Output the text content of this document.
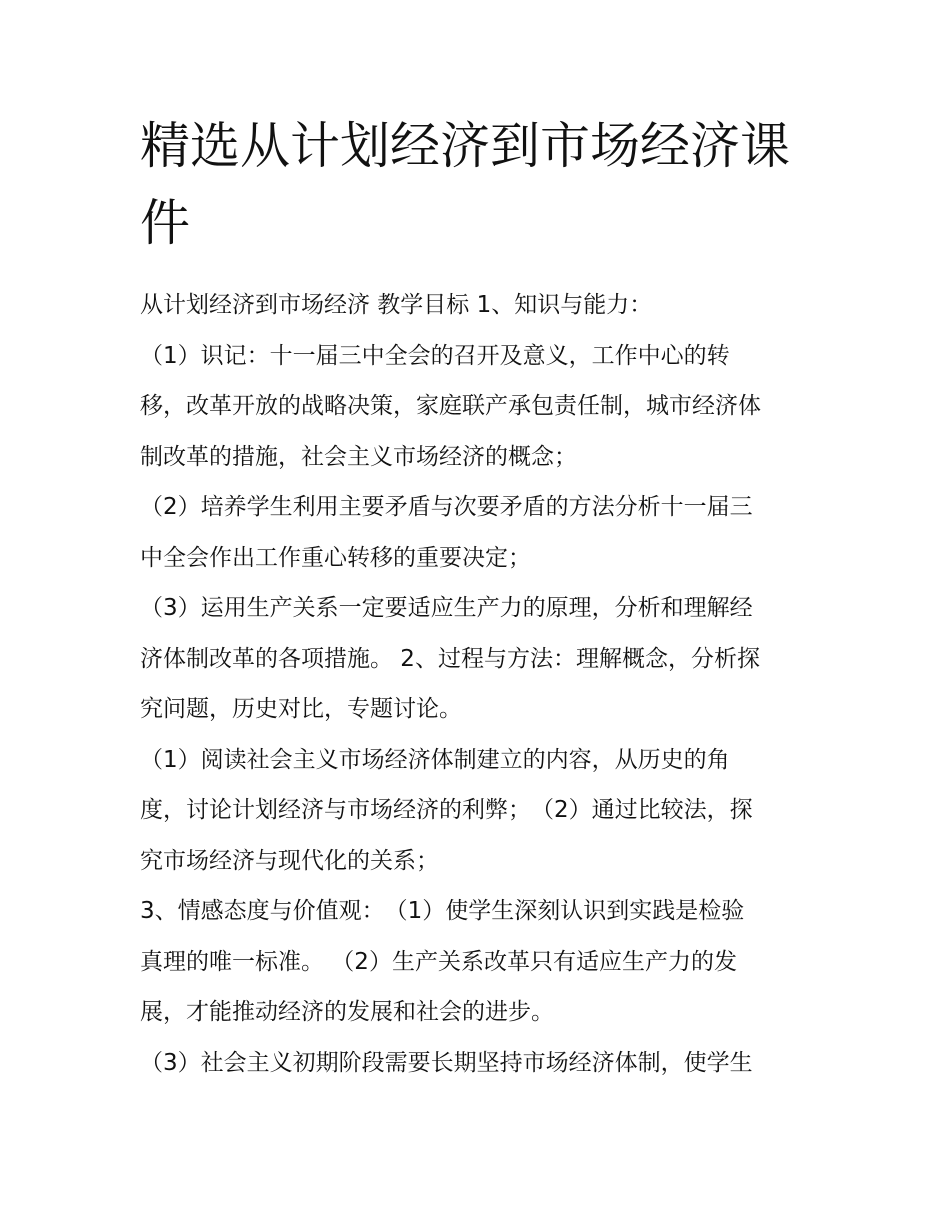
精选从计划经济到市场经济课
件
从计划经济到市场经济 教学目标 1、知识与能力：
（1）识记：十一届三中全会的召开及意义，工作中心的转
移，改革开放的战略决策，家庭联产承包责任制，城市经济体
制改革的措施，社会主义市场经济的概念；
（2）培养学生利用主要矛盾与次要矛盾的方法分析十一届三
中全会作出工作重心转移的重要决定；
（3）运用生产关系一定要适应生产力的原理，分析和理解经
济体制改革的各项措施。 2、过程与方法：理解概念，分析探
究问题，历史对比，专题讨论。
（1）阅读社会主义市场经济体制建立的内容，从历史的角
度，讨论计划经济与市场经济的利弊；　（2）通过比较法，探
究市场经济与现代化的关系；
3、情感态度与价值观：　（1）使学生深刻认识到实践是检验
真理的唯一标准。 （2）生产关系改革只有适应生产力的发
展，才能推动经济的发展和社会的进步。
（3）社会主义初期阶段需要长期坚持市场经济体制，使学生
